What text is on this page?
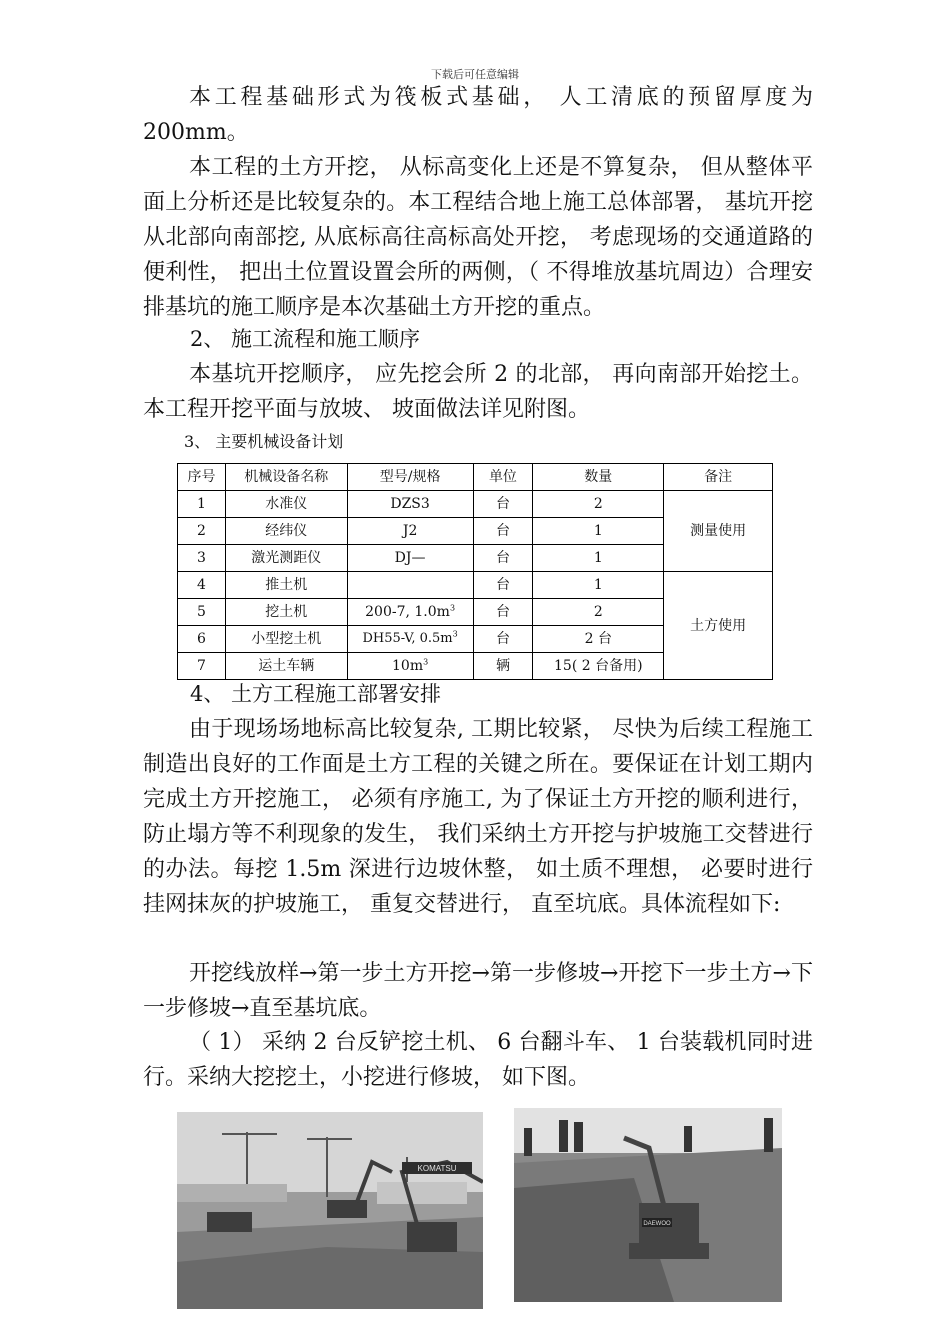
下载后可任意编辑

本工程基础形式为筏板式基础， 人工清底的预留厚度为200mm。

本工程的土方开挖， 从标高变化上还是不算复杂， 但从整体平面上分析还是比较复杂的。本工程结合地上施工总体部署， 基坑开挖从北部向南部挖, 从底标高往高标高处开挖， 考虑现场的交通道路的便利性， 把出土位置设置会所的两侧，（ 不得堆放基坑周边）合理安排基坑的施工顺序是本次基础土方开挖的重点。

2、 施工流程和施工顺序

本基坑开挖顺序， 应先挖会所 2 的北部， 再向南部开始挖土。本工程开挖平面与放坡、 坡面做法详见附图。

3、 主要机械设备计划

序号	机械设备名称	型号/规格	单位	数量	备注
1	水准仪	DZS3	台	2	测量使用
2	经纬仪	J2	台	1	
3	激光测距仪	DJ—	台	1	
4	推土机		台	1	土方使用
5	挖土机	200-7, $1.0m^3$	台	2	
6	小型挖土机	DH55-V, $0.5m^3$	台	2 台	
7	运土车辆	$10m^3$	辆	15( 2 台备用)	

4、 土方工程施工部署安排

由于现场场地标高比较复杂, 工期比较紧， 尽快为后续工程施工制造出良好的工作面是土方工程的关键之所在。要保证在计划工期内完成土方开挖施工， 必须有序施工, 为了保证土方开挖的顺利进行， 防止塌方等不利现象的发生， 我们采纳土方开挖与护坡施工交替进行的办法。每挖 1.5m 深进行边坡休整， 如土质不理想， 必要时进行挂网抹灰的护坡施工， 重复交替进行， 直至坑底。具体流程如下:

开挖线放样→第一步土方开挖→第一步修坡→开挖下一步土方→下一步修坡→直至基坑底。

（ 1） 采纳 2 台反铲挖土机、 6 台翻斗车、 1 台装载机同时进行。采纳大挖挖土，小挖进行修坡， 如下图。

KOMATSU
DAEWOO
